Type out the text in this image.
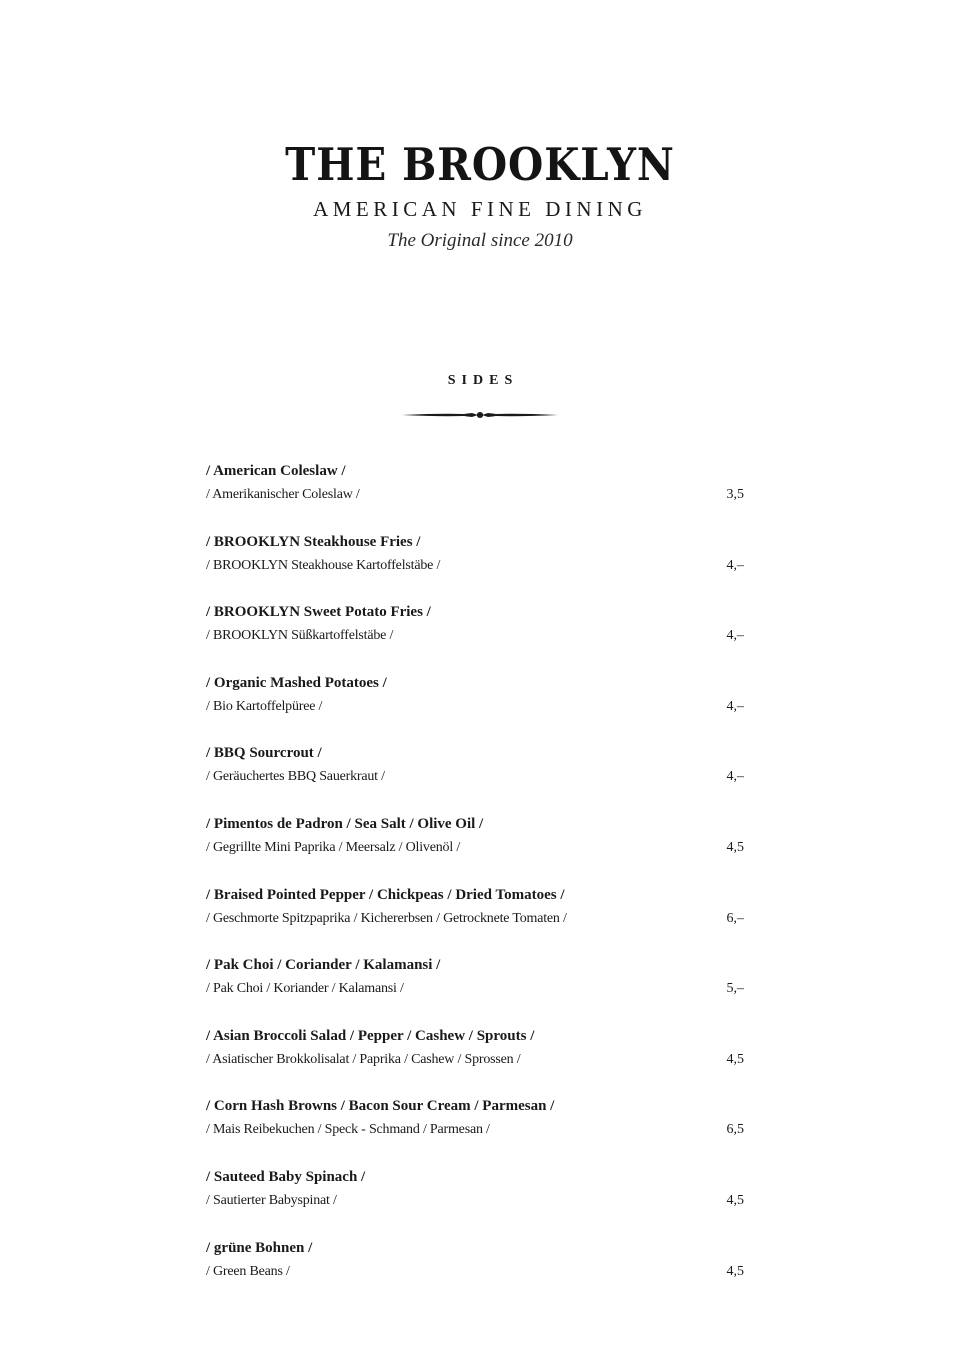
THE BROOKLYN
AMERICAN FINE DINING
The Original since 2010
SIDES
/ American Coleslaw /
/ Amerikanischer Coleslaw /	3,5
/ BROOKLYN Steakhouse Fries /
/ BROOKLYN Steakhouse Kartoffelstäbe /	4,–
/ BROOKLYN Sweet Potato Fries /
/ BROOKLYN Süßkartoffelstäbe /	4,–
/ Organic Mashed Potatoes /
/ Bio Kartoffelpüree /	4,–
/ BBQ Sourcrout /
/ Geräuchertes BBQ Sauerkraut /	4,–
/ Pimentos de Padron / Sea Salt / Olive Oil /
/ Gegrillte Mini Paprika / Meersalz / Olivenöl /	4,5
/ Braised Pointed Pepper / Chickpeas / Dried Tomatoes /
/ Geschmorte Spitzpaprika / Kichererbsen / Getrocknete Tomaten /	6,–
/ Pak Choi / Coriander / Kalamansi /
/ Pak Choi / Koriander / Kalamansi /	5,–
/ Asian Broccoli Salad / Pepper / Cashew / Sprouts /
/ Asiatischer Brokkolisalat / Paprika / Cashew / Sprossen /	4,5
/ Corn Hash Browns / Bacon Sour Cream / Parmesan /
/ Mais Reibekuchen / Speck - Schmand / Parmesan /	6,5
/ Sauteed Baby Spinach /
/ Sautierter Babyspinat /	4,5
/ grüne Bohnen /
/ Green Beans /	4,5
